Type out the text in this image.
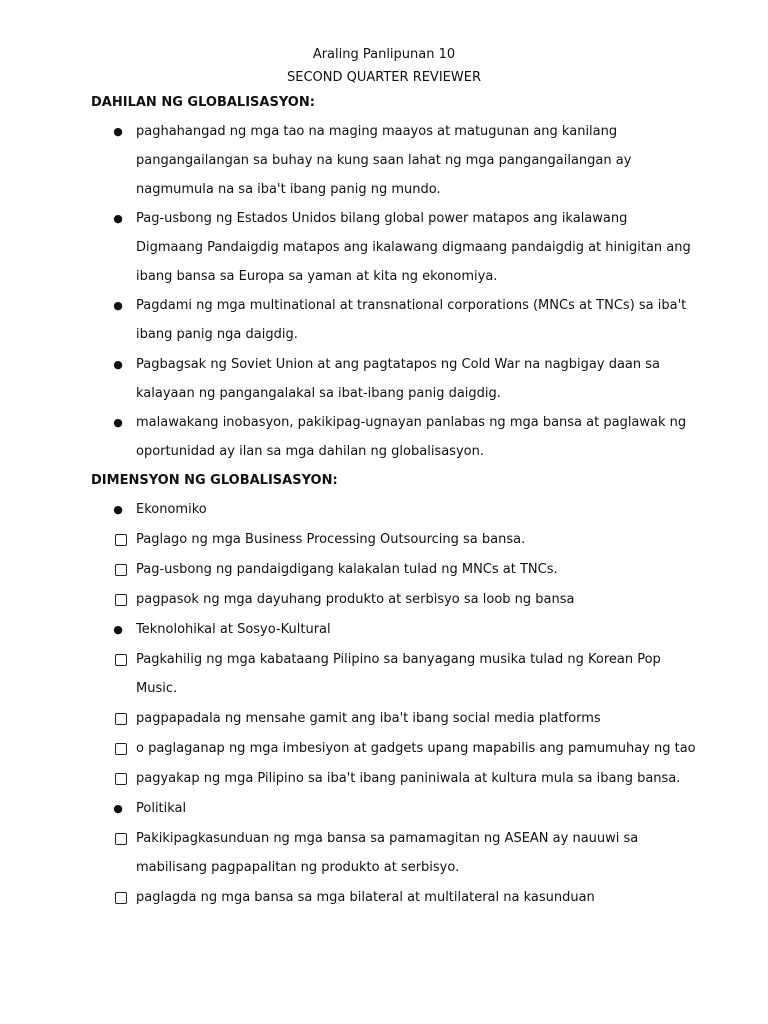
Araling Panlipunan 10
SECOND QUARTER REVIEWER
DAHILAN NG GLOBALISASYON:
● paghahangad ng mga tao na maging maayos at matugunan ang kanilang
pangangailangan sa buhay na kung saan lahat ng mga pangangailangan ay
nagmumula na sa iba't ibang panig ng mundo.
● Pag-usbong ng Estados Unidos bilang global power matapos ang ikalawang
Digmaang Pandaigdig matapos ang ikalawang digmaang pandaigdig at hinigitan ang
ibang bansa sa Europa sa yaman at kita ng ekonomiya.
● Pagdami ng mga multinational at transnational corporations (MNCs at TNCs) sa iba't
ibang panig nga daigdig.
● Pagbagsak ng Soviet Union at ang pagtatapos ng Cold War na nagbigay daan sa
kalayaan ng pangangalakal sa ibat-ibang panig daigdig.
● malawakang inobasyon, pakikipag-ugnayan panlabas ng mga bansa at paglawak ng
oportunidad ay ilan sa mga dahilan ng globalisasyon.
DIMENSYON NG GLOBALISASYON:
● Ekonomiko
Paglago ng mga Business Processing Outsourcing sa bansa.
Pag-usbong ng pandaigdigang kalakalan tulad ng MNCs at TNCs.
pagpasok ng mga dayuhang produkto at serbisyo sa loob ng bansa
● Teknolohikal at Sosyo-Kultural
Pagkahilig ng mga kabataang Pilipino sa banyagang musika tulad ng Korean Pop
Music.
pagpapadala ng mensahe gamit ang iba't ibang social media platforms
o paglaganap ng mga imbesiyon at gadgets upang mapabilis ang pamumuhay ng tao
pagyakap ng mga Pilipino sa iba't ibang paniniwala at kultura mula sa ibang bansa.
● Politikal
Pakikipagkasunduan ng mga bansa sa pamamagitan ng ASEAN ay nauuwi sa
mabilisang pagpapalitan ng produkto at serbisyo.
paglagda ng mga bansa sa mga bilateral at multilateral na kasunduan
